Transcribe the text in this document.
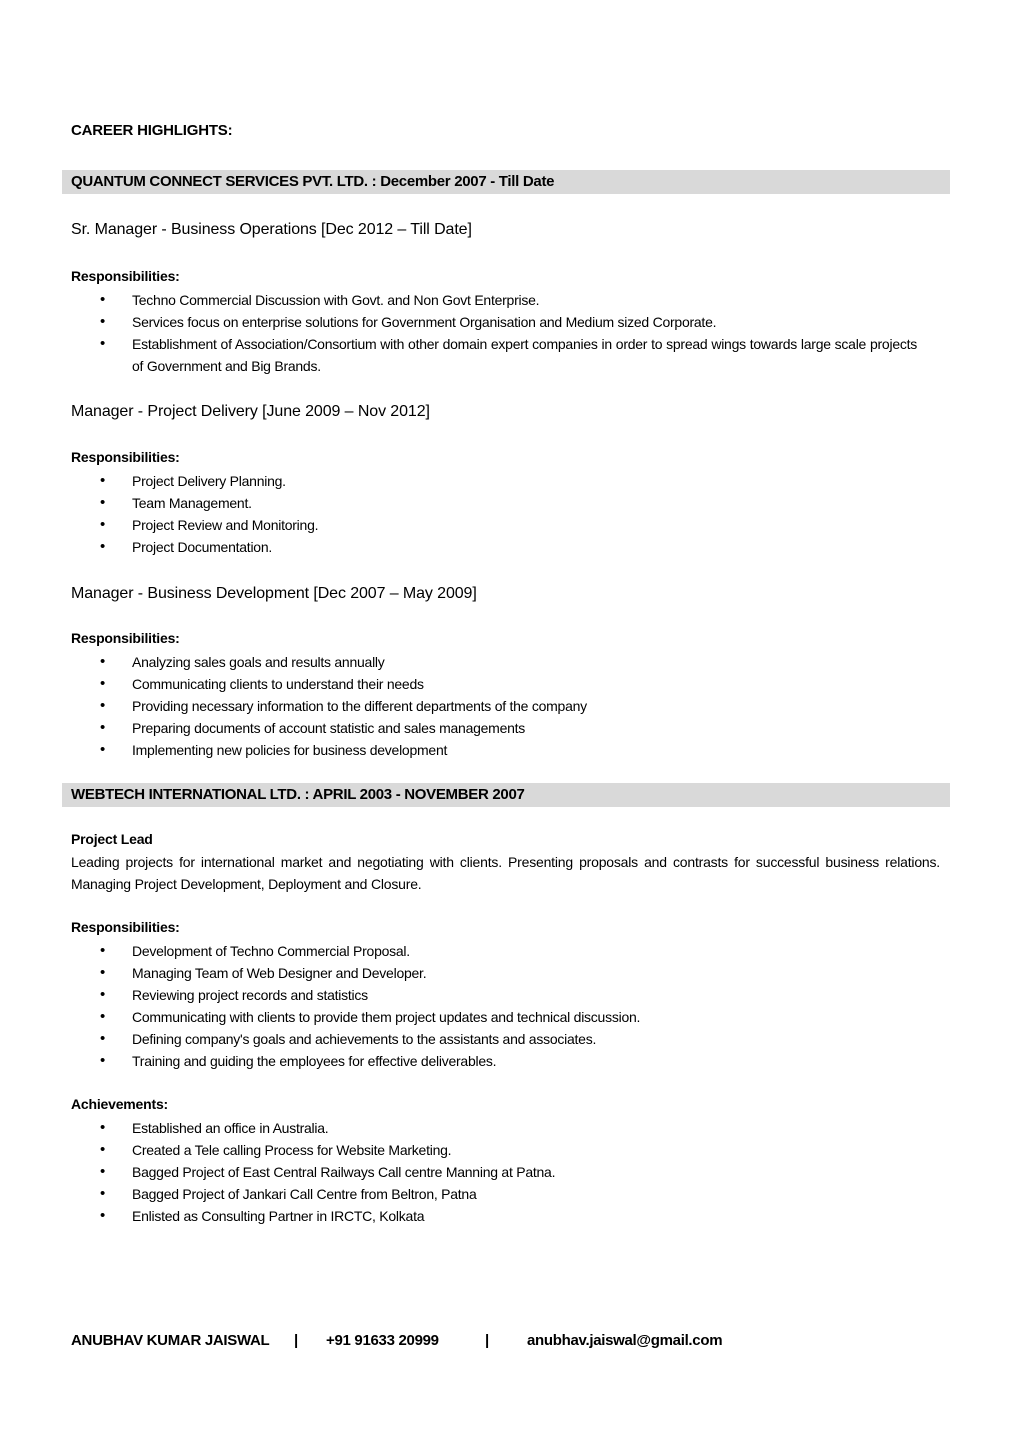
CAREER HIGHLIGHTS:
QUANTUM CONNECT SERVICES PVT. LTD. : December 2007 - Till Date
Sr. Manager - Business Operations [Dec 2012 – Till Date]
Responsibilities:
• Techno Commercial Discussion with Govt. and Non Govt Enterprise.
• Services focus on enterprise solutions for Government Organisation and Medium sized Corporate.
• Establishment of Association/Consortium with other domain expert companies in order to spread wings towards large scale projects of Government and Big Brands.
Manager - Project Delivery [June 2009 – Nov 2012]
Responsibilities:
• Project Delivery Planning.
• Team Management.
• Project Review and Monitoring.
• Project Documentation.
Manager - Business Development [Dec 2007 – May 2009]
Responsibilities:
• Analyzing sales goals and results annually
• Communicating clients to understand their needs
• Providing necessary information to the different departments of the company
• Preparing documents of account statistic and sales managements
• Implementing new policies for business development
WEBTECH INTERNATIONAL LTD. : APRIL 2003 - NOVEMBER 2007
Project Lead
Leading projects for international market and negotiating with clients. Presenting proposals and contrasts for successful business relations. Managing Project Development, Deployment and Closure.
Responsibilities:
• Development of Techno Commercial Proposal.
• Managing Team of Web Designer and Developer.
• Reviewing project records and statistics
• Communicating with clients to provide them project updates and technical discussion.
• Defining company's goals and achievements to the assistants and associates.
• Training and guiding the employees for effective deliverables.
Achievements:
• Established an office in Australia.
• Created a Tele calling Process for Website Marketing.
• Bagged Project of East Central Railways Call centre Manning at Patna.
• Bagged Project of Jankari Call Centre from Beltron, Patna
• Enlisted as Consulting Partner in IRCTC, Kolkata
ANUBHAV KUMAR JAISWAL | +91 91633 20999	|	anubhav.jaiswal@gmail.com
